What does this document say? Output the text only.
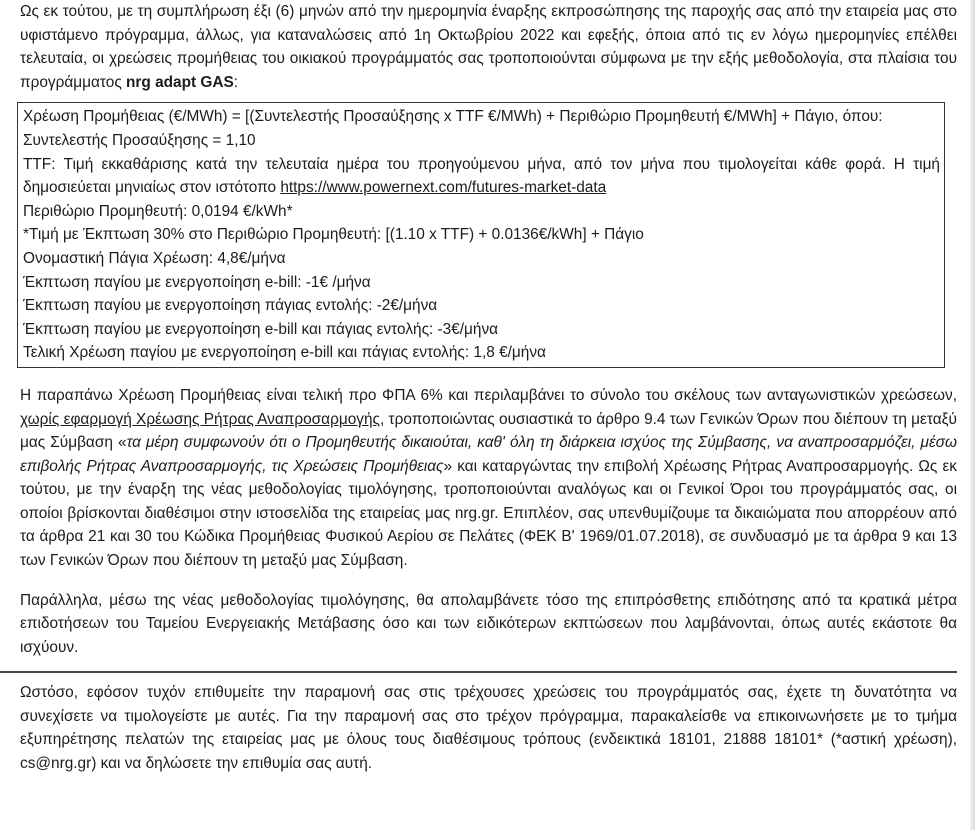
Ως εκ τούτου, με τη συμπλήρωση έξι (6) μηνών από την ημερομηνία έναρξης εκπροσώπησης της παροχής σας από την εταιρεία μας στο υφιστάμενο πρόγραμμα, άλλως, για καταναλώσεις από 1η Οκτωβρίου 2022 και εφεξής, όποια από τις εν λόγω ημερομηνίες επέλθει τελευταία, οι χρεώσεις προμήθειας του οικιακού προγράμματός σας τροποποιούνται σύμφωνα με την εξής μεθοδολογία, στα πλαίσια του προγράμματος nrg adapt GAS:

Χρέωση Προμήθειας (€/MWh) = [(Συντελεστής Προσαύξησης x TTF €/MWh) + Περιθώριο Προμηθευτή €/MWh] + Πάγιο, όπου:

Συντελεστής Προσαύξησης = 1,10

TTF: Τιμή εκκαθάρισης κατά την τελευταία ημέρα του προηγούμενου μήνα, από τον μήνα που τιμολογείται κάθε φορά. Η τιμή δημοσιεύεται μηνιαίως στον ιστότοπο https://www.powernext.com/futures-market-data

Περιθώριο Προμηθευτή: 0,0194 €/kWh*

*Τιμή με Έκπτωση 30% στο Περιθώριο Προμηθευτή: [(1.10 x TTF) + 0.0136€/kWh] + Πάγιο

Ονομαστική Πάγια Χρέωση: 4,8€/μήνα

Έκπτωση παγίου με ενεργοποίηση e-bill: -1€ /μήνα

Έκπτωση παγίου με ενεργοποίηση πάγιας εντολής: -2€/μήνα

Έκπτωση παγίου με ενεργοποίηση e-bill και πάγιας εντολής: -3€/μήνα

Τελική Χρέωση παγίου με ενεργοποίηση e-bill και πάγιας εντολής: 1,8 €/μήνα

Η παραπάνω Χρέωση Προμήθειας είναι τελική προ ΦΠΑ 6% και περιλαμβάνει το σύνολο του σκέλους των ανταγωνιστικών χρεώσεων, χωρίς εφαρμογή Χρέωσης Ρήτρας Αναπροσαρμογής, τροποποιώντας ουσιαστικά το άρθρο 9.4 των Γενικών Όρων που διέπουν τη μεταξύ μας Σύμβαση «τα μέρη συμφωνούν ότι ο Προμηθευτής δικαιούται, καθ' όλη τη διάρκεια ισχύος της Σύμβασης, να αναπροσαρμόζει, μέσω επιβολής Ρήτρας Αναπροσαρμογής, τις Χρεώσεις Προμήθειας» και καταργώντας την επιβολή Χρέωσης Ρήτρας Αναπροσαρμογής. Ως εκ τούτου, με την έναρξη της νέας μεθοδολογίας τιμολόγησης, τροποποιούνται αναλόγως και οι Γενικοί Όροι του προγράμματός σας, οι οποίοι βρίσκονται διαθέσιμοι στην ιστοσελίδα της εταιρείας μας nrg.gr. Επιπλέον, σας υπενθυμίζουμε τα δικαιώματα που απορρέουν από τα άρθρα 21 και 30 του Κώδικα Προμήθειας Φυσικού Αερίου σε Πελάτες (ΦΕΚ Β' 1969/01.07.2018), σε συνδυασμό με τα άρθρα 9 και 13 των Γενικών Όρων που διέπουν τη μεταξύ μας Σύμβαση.

Παράλληλα, μέσω της νέας μεθοδολογίας τιμολόγησης, θα απολαμβάνετε τόσο της επιπρόσθετης επιδότησης από τα κρατικά μέτρα επιδοτήσεων του Ταμείου Ενεργειακής Μετάβασης όσο και των ειδικότερων εκπτώσεων που λαμβάνονται, όπως αυτές εκάστοτε θα ισχύουν.

Ωστόσο, εφόσον τυχόν επιθυμείτε την παραμονή σας στις τρέχουσες χρεώσεις του προγράμματός σας, έχετε τη δυνατότητα να συνεχίσετε να τιμολογείστε με αυτές. Για την παραμονή σας στο τρέχον πρόγραμμα, παρακαλείσθε να επικοινωνήσετε με το τμήμα εξυπηρέτησης πελατών της εταιρείας μας με όλους τους διαθέσιμους τρόπους (ενδεικτικά 18101, 21888 18101* (*αστική χρέωση), cs@nrg.gr) και να δηλώσετε την επιθυμία σας αυτή.
